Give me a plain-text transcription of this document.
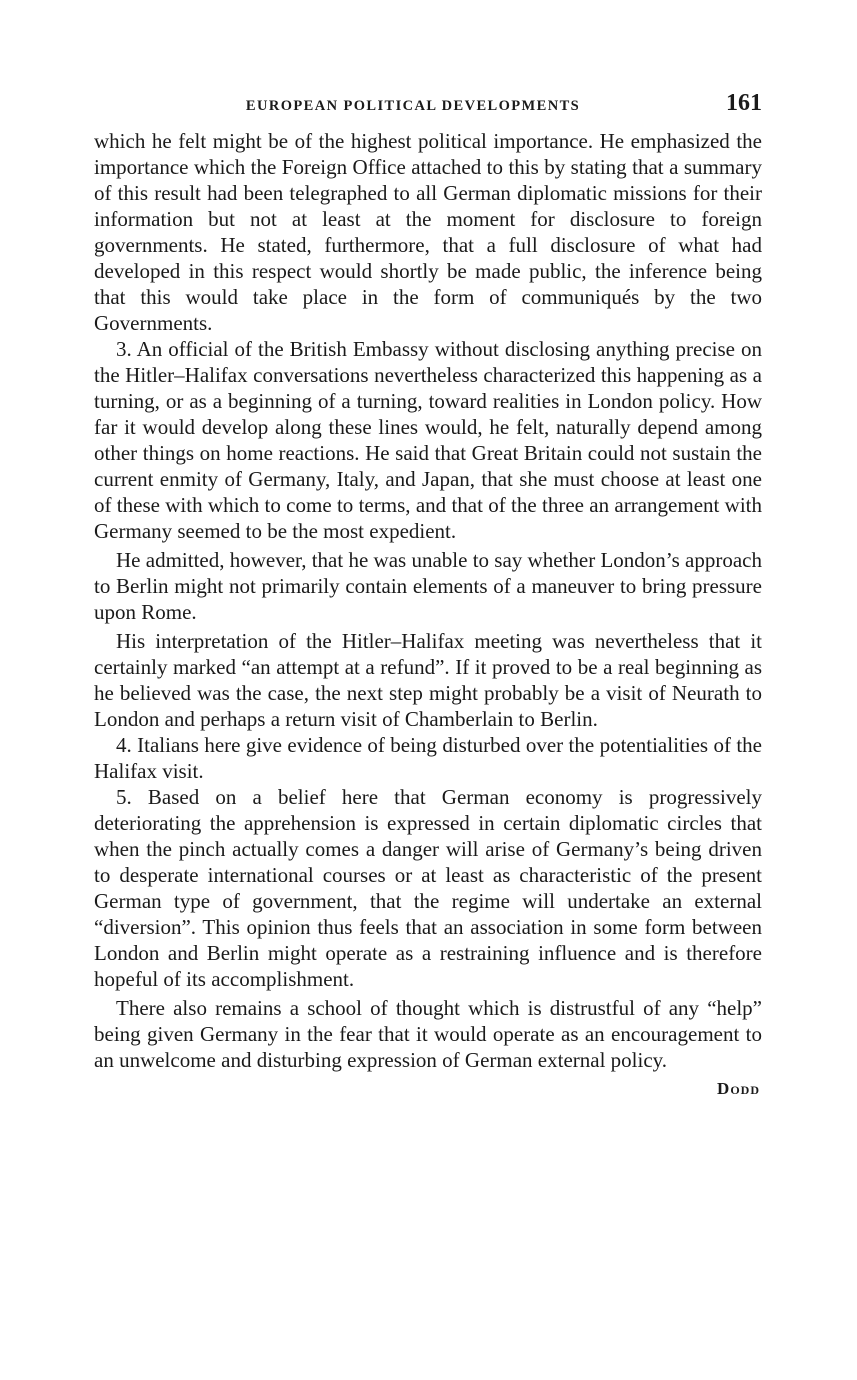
EUROPEAN POLITICAL DEVELOPMENTS	161

which he felt might be of the highest political importance. He emphasized the importance which the Foreign Office attached to this by stating that a summary of this result had been telegraphed to all German diplomatic missions for their information but not at least at the moment for disclosure to foreign governments. He stated, furthermore, that a full disclosure of what had developed in this respect would shortly be made public, the inference being that this would take place in the form of communiqués by the two Governments.

3. An official of the British Embassy without disclosing anything precise on the Hitler–Halifax conversations nevertheless characterized this happening as a turning, or as a beginning of a turning, toward realities in London policy. How far it would develop along these lines would, he felt, naturally depend among other things on home reactions. He said that Great Britain could not sustain the current enmity of Germany, Italy, and Japan, that she must choose at least one of these with which to come to terms, and that of the three an arrangement with Germany seemed to be the most expedient.

He admitted, however, that he was unable to say whether London’s approach to Berlin might not primarily contain elements of a maneuver to bring pressure upon Rome.

His interpretation of the Hitler–Halifax meeting was nevertheless that it certainly marked “an attempt at a refund”. If it proved to be a real beginning as he believed was the case, the next step might probably be a visit of Neurath to London and perhaps a return visit of Chamberlain to Berlin.

4. Italians here give evidence of being disturbed over the potentialities of the Halifax visit.

5. Based on a belief here that German economy is progressively deteriorating the apprehension is expressed in certain diplomatic circles that when the pinch actually comes a danger will arise of Germany’s being driven to desperate international courses or at least as characteristic of the present German type of government, that the regime will undertake an external “diversion”. This opinion thus feels that an association in some form between London and Berlin might operate as a restraining influence and is therefore hopeful of its accomplishment.

There also remains a school of thought which is distrustful of any “help” being given Germany in the fear that it would operate as an encouragement to an unwelcome and disturbing expression of German external policy.

Dodd
